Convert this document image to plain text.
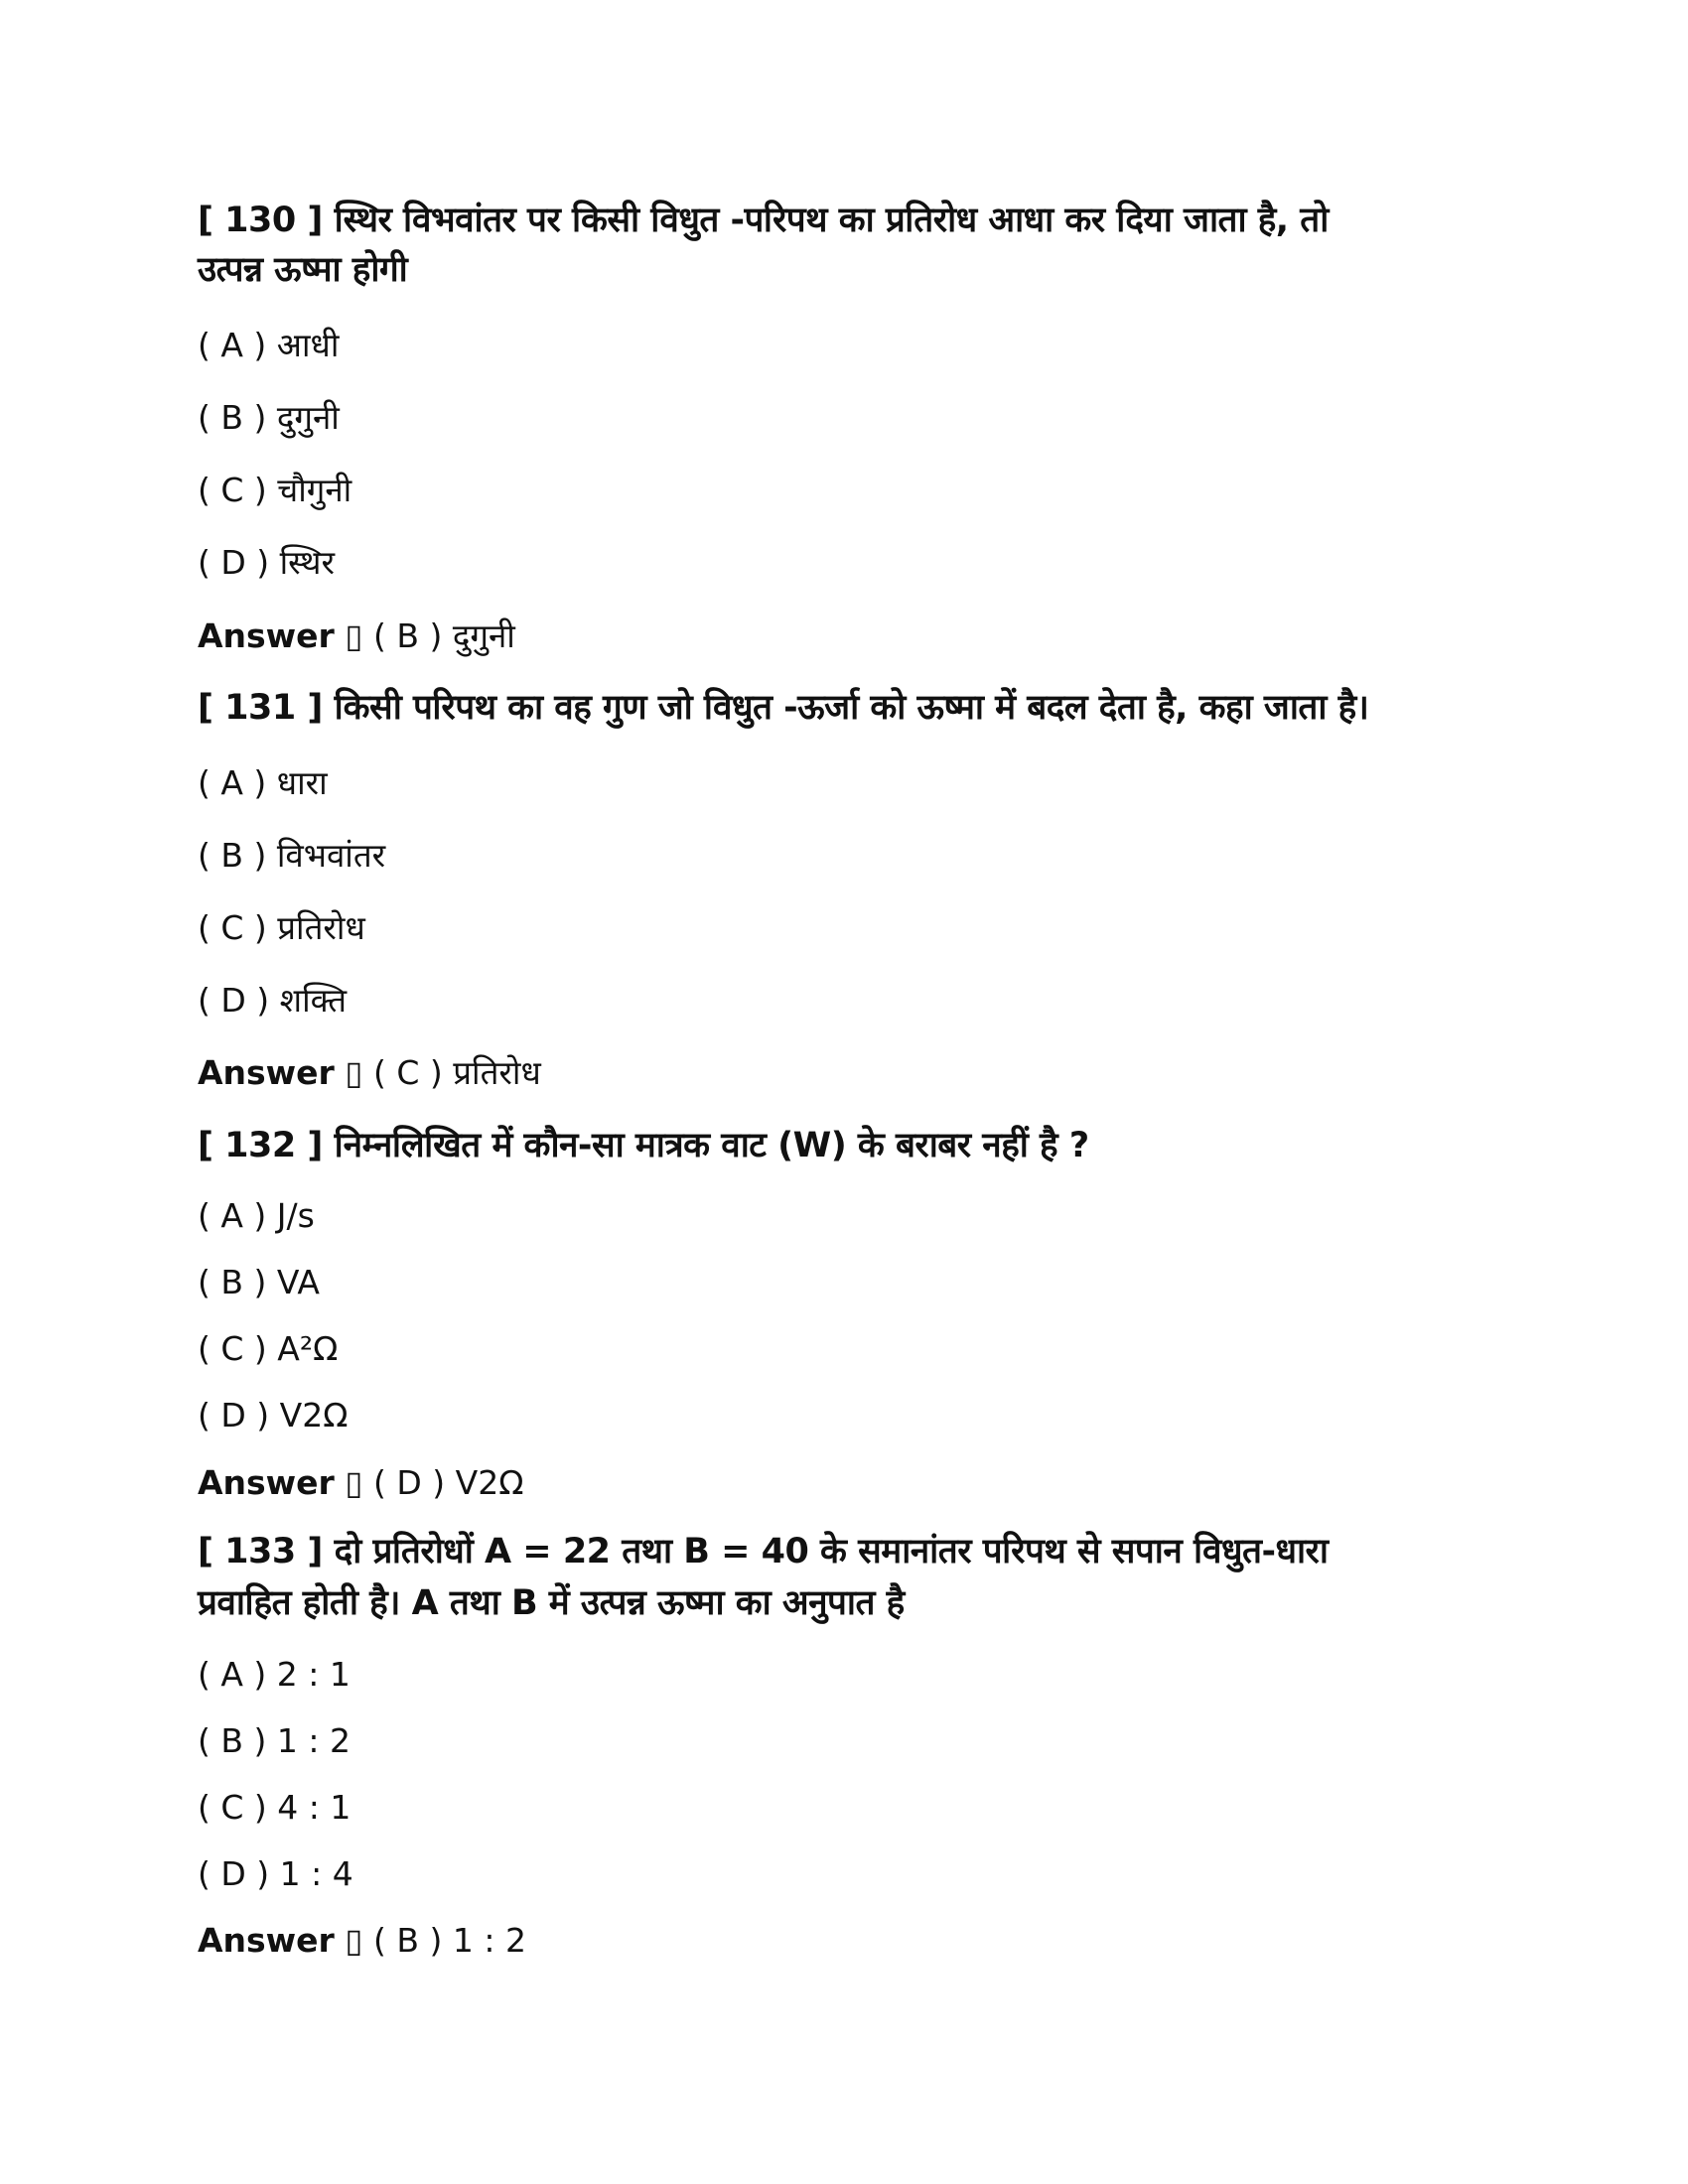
[ 130 ] स्थिर विभवांतर पर किसी विधुत -परिपथ का प्रतिरोध आधा कर दिया जाता है, तो
उत्पन्न ऊष्मा होगी
( A ) आधी
( B ) दुगुनी
( C ) चौगुनी
( D ) स्थिर
Answer ▯ ( B ) दुगुनी
[ 131 ] किसी परिपथ का वह गुण जो विधुत -ऊर्जा को ऊष्मा में बदल देता है, कहा जाता है।
( A ) धारा
( B ) विभवांतर
( C ) प्रतिरोध
( D ) शक्ति
Answer ▯ ( C ) प्रतिरोध
[ 132 ] निम्नलिखित में कौन-सा मात्रक वाट (W) के बराबर नहीं है ?
( A ) J/s
( B ) VA
( C ) A²Ω
( D ) V2Ω
Answer ▯ ( D ) V2Ω
[ 133 ] दो प्रतिरोधों A = 22 तथा B = 40 के समानांतर परिपथ से सपान विधुत-धारा
प्रवाहित होती है। A तथा B में उत्पन्न ऊष्मा का अनुपात है
( A ) 2 : 1
( B ) 1 : 2
( C ) 4 : 1
( D ) 1 : 4
Answer ▯ ( B ) 1 : 2
